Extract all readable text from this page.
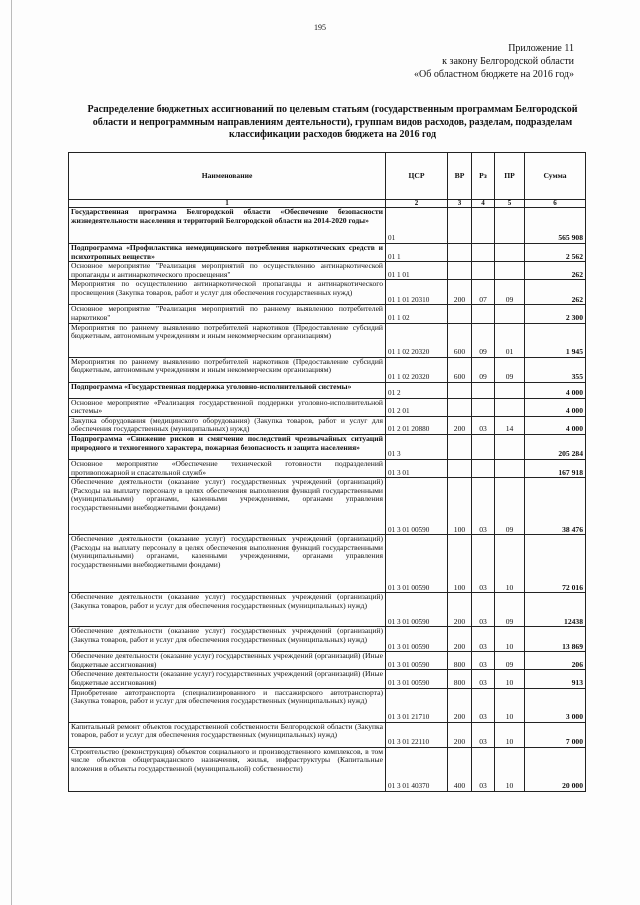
195
Приложение 11
к закону Белгородской области
«Об областном бюджете на 2016 год»
Распределение бюджетных ассигнований по целевым статьям (государственным программам Белгородской области и непрограммным направлениям деятельности), группам видов расходов, разделам, подразделам классификации расходов бюджета на 2016 год
Наименование	ЦСР	ВР	Рз	ПР	Сумма
1	2	3	4	5	6
Государственная программа Белгородской области «Обеспечение безопасности жизнедеятельности населения и территорий Белгородской области на 2014-2020 годы»	01				565 908
Подпрограмма «Профилактика немедицинского потребления наркотических средств и психотропных веществ»	01 1				2 562
Основное мероприятие "Реализация мероприятий по осуществлению антинаркотической пропаганды и антинаркотического просвещения"	01 1 01				262
Мероприятия по осуществлению антинаркотической пропаганды и антинаркотического просвещения (Закупка товаров, работ и услуг для обеспечения государственных нужд)	01 1 01 20310	200	07	09	262
Основное мероприятие "Реализация мероприятий по раннему выявлению потребителей наркотиков"	01 1 02				2 300
Мероприятия по раннему выявлению потребителей наркотиков (Предоставление субсидий бюджетным, автономным учреждениям и иным некоммерческим организациям)	01 1 02 20320	600	09	01	1 945
Мероприятия по раннему выявлению потребителей наркотиков (Предоставление субсидий бюджетным, автономным учреждениям и иным некоммерческим организациям)	01 1 02 20320	600	09	09	355
Подпрограмма «Государственная поддержка уголовно-исполнительной системы»	01 2				4 000
Основное мероприятие «Реализация государственной поддержки уголовно-исполнительной системы»	01 2 01				4 000
Закупка оборудования (медицинского оборудования) (Закупка товаров, работ и услуг для обеспечения государственных (муниципальных) нужд)	01 2 01 20880	200	03	14	4 000
Подпрограмма «Снижение рисков и смягчение последствий чрезвычайных ситуаций природного и техногенного характера, пожарная безопасность и защита населения»	01 3				205 284
Основное мероприятие «Обеспечение технической готовности подразделений противопожарной и спасательной служб»	01 3 01				167 918
Обеспечение деятельности (оказание услуг) государственных учреждений (организаций) (Расходы на выплату персоналу в целях обеспечения выполнения функций государственными (муниципальными) органами, казенными учреждениями, органами управления государственными внебюджетными фондами)	01 3 01 00590	100	03	09	38 476
Обеспечение деятельности (оказание услуг) государственных учреждений (организаций) (Расходы на выплату персоналу в целях обеспечения выполнения функций государственными (муниципальными) органами, казенными учреждениями, органами управления государственными внебюджетными фондами)	01 3 01 00590	100	03	10	72 016
Обеспечение деятельности (оказание услуг) государственных учреждений (организаций) (Закупка товаров, работ и услуг для обеспечения государственных (муниципальных) нужд)	01 3 01 00590	200	03	09	12438
Обеспечение деятельности (оказание услуг) государственных учреждений (организаций) (Закупка товаров, работ и услуг для обеспечения государственных (муниципальных) нужд)	01 3 01 00590	200	03	10	13 869
Обеспечение деятельности (оказание услуг) государственных учреждений (организаций) (Иные бюджетные ассигнования)	01 3 01 00590	800	03	09	206
Обеспечение деятельности (оказание услуг) государственных учреждений (организаций) (Иные бюджетные ассигнования)	01 3 01 00590	800	03	10	913
Приобретение автотранспорта (специализированного и пассажирского автотранспорта) (Закупка товаров, работ и услуг для обеспечения государственных (муниципальных) нужд)	01 3 01 21710	200	03	10	3 000
Капитальный ремонт объектов государственной собственности Белгородской области (Закупка товаров, работ и услуг для обеспечения государственных (муниципальных) нужд)	01 3 01 22110	200	03	10	7 000
Строительство (реконструкция) объектов социального и производственного комплексов, в том числе объектов общегражданского назначения, жилья, инфраструктуры (Капитальные вложения в объекты государственной (муниципальной) собственности)	01 3 01 40370	400	03	10	20 000
